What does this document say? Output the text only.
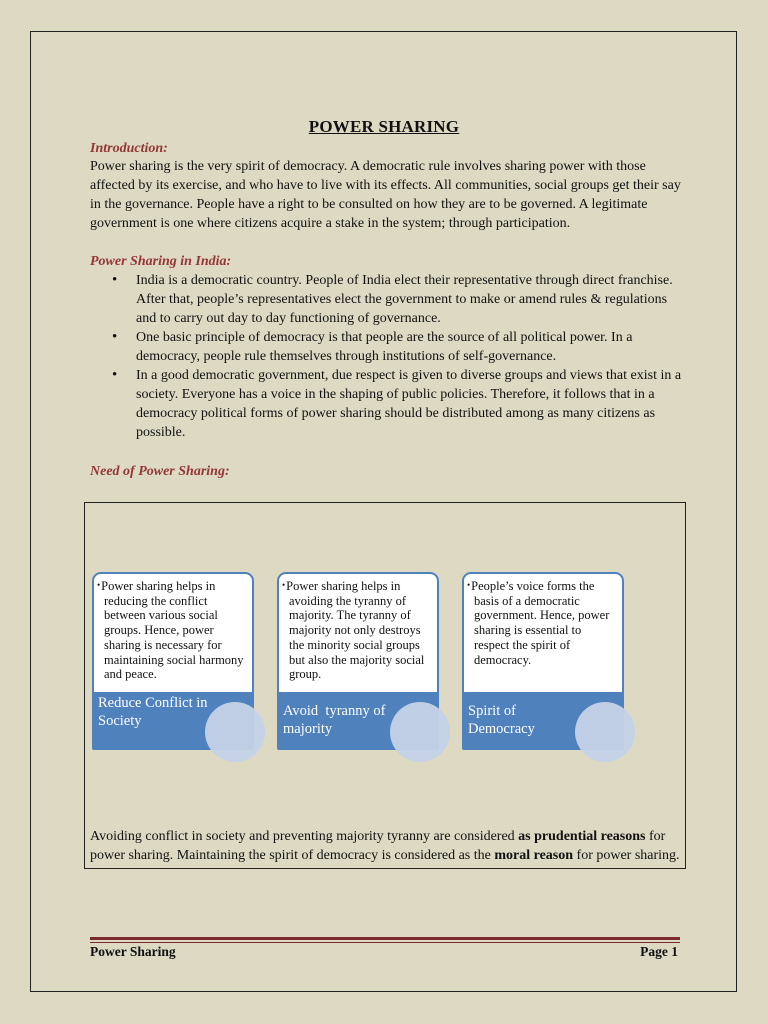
POWER SHARING
Introduction:

Power sharing is the very spirit of democracy. A democratic rule involves sharing power with those affected by its exercise, and who have to live with its effects. All communities, social groups get their say in the governance. People have a right to be consulted on how they are to be governed. A legitimate government is one where citizens acquire a stake in the system; through participation.

Power Sharing in India:
• India is a democratic country. People of India elect their representative through direct franchise. After that, people’s representatives elect the government to make or amend rules & regulations and to carry out day to day functioning of governance.
• One basic principle of democracy is that people are the source of all political power. In a democracy, people rule themselves through institutions of self-governance.
• In a good democratic government, due respect is given to diverse groups and views that exist in a society. Everyone has a voice in the shaping of public policies. Therefore, it follows that in a democracy political forms of power sharing should be distributed among as many citizens as possible.
Need of Power Sharing:

• Power sharing helps in reducing the conflict between various social groups. Hence, power sharing is necessary for maintaining social harmony and peace.

Reduce Conflict in Society

• Power sharing helps in avoiding the tyranny of majority. The tyranny of majority not only destroys the minority social groups but also the majority social group.

Avoid  tyranny of majority

• People’s voice forms the basis of a democratic government. Hence, power sharing is essential to respect the spirit of democracy.

Spirit of Democracy

Avoiding conflict in society and preventing majority tyranny are considered as prudential reasons for power sharing. Maintaining the spirit of democracy is considered as the moral reason for power sharing.

Power Sharing	Page 1
